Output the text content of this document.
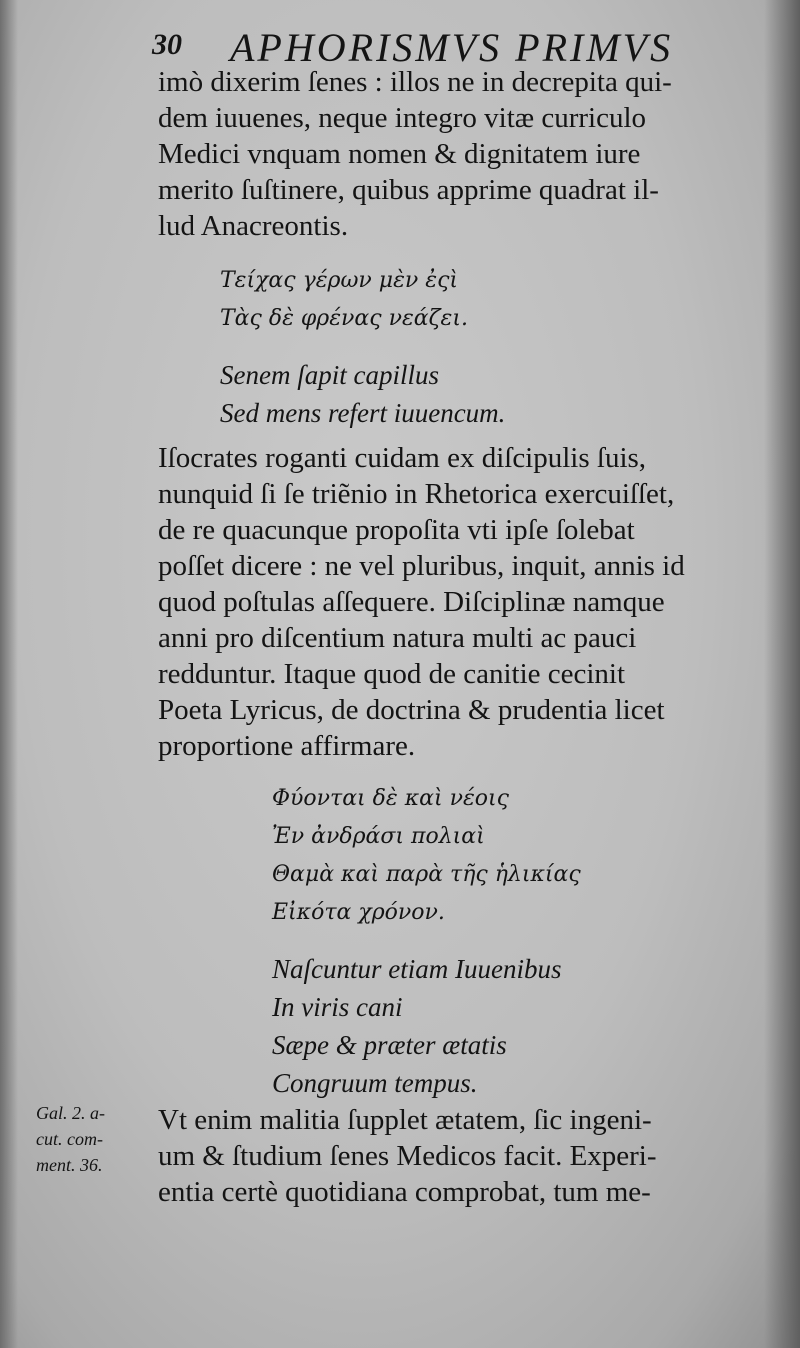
30 APHORISMVS PRIMVS

imò dixerim ſenes : illos ne in decrepita qui-
dem iuuenes, neque integro vitæ curriculo
Medici vnquam nomen & dignitatem iure
merito ſuſtinere, quibus apprime quadrat il-
lud Anacreontis.

Τείχας γέρων μὲν ἐςὶ
Τὰς δὲ φρένας νεάζει.
Senem ſapit capillus
Sed mens refert iuuencum.

Iſocrates roganti cuidam ex diſcipulis ſuis,
nunquid ſi ſe triẽnio in Rhetorica exercuiſſet,
de re quacunque propoſita vti ipſe ſolebat
poſſet dicere : ne vel pluribus, inquit, annis id
quod poſtulas aſſequere. Diſciplinæ namque
anni pro diſcentium natura multi ac pauci
redduntur. Itaque quod de canitie cecinit
Poeta Lyricus, de doctrina & prudentia licet
proportione affirmare.

Φύονται δὲ καὶ νέοις
Ἐν ἀνδράσι πολιαὶ
Θαμὰ καὶ παρὰ τῆς ἡλικίας
Εἰκότα χρόνον.
Naſcuntur etiam Iuuenibus
In viris cani
Sæpe & præter ætatis
Congruum tempus.
Gal. 2. a-
cut. com-
ment. 36.

Vt enim malitia ſupplet ætatem, ſic ingeni-
um & ſtudium ſenes Medicos facit. Experi-
entia certè quotidiana comprobat, tum me-
